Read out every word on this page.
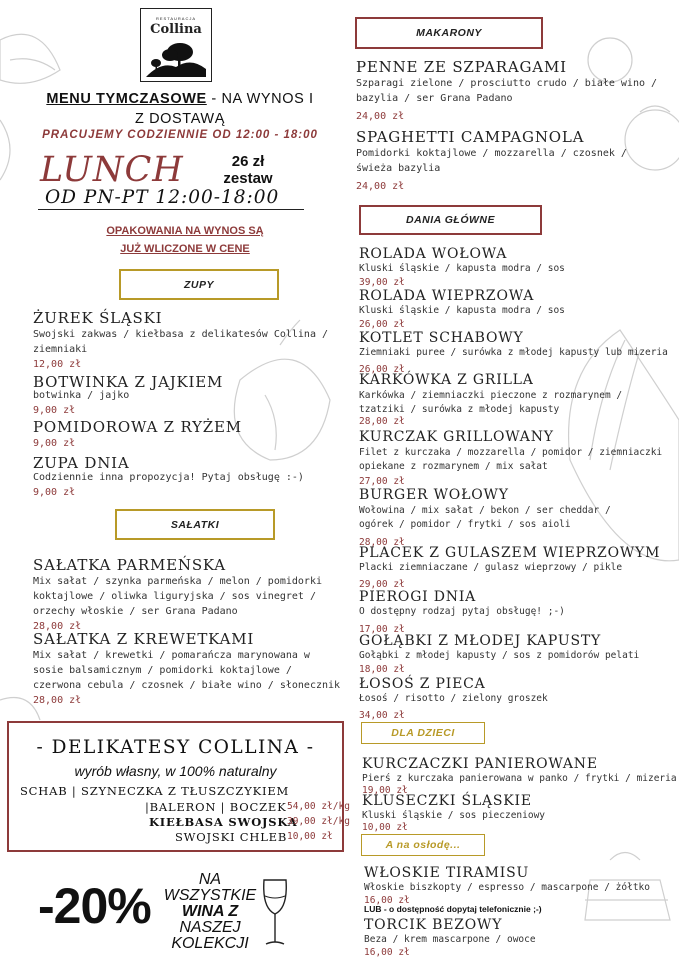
RESTAURACJA
Collina
MENU TYMCZASOWE - NA WYNOS I
Z DOSTAWĄ
PRACUJEMY CODZIENNIE OD 12:00 - 18:00
LUNCH	26 zł
zestaw
OD PN-PT 12:00-18:00
OPAKOWANIA NA WYNOS SĄ
JUŻ WLICZONE W CENE
ZUPY
ŻUREK ŚLĄSKI
Swojski zakwas / kiełbasa z delikatesów Collina /
ziemniaki
12,00 zł
BOTWINKA Z JAJKIEM
botwinka / jajko
9,00 zł
POMIDOROWA Z RYŻEM
9,00 zł
ZUPA DNIA
Codziennie inna propozycja! Pytaj obsługę :-)
9,00 zł
SAŁATKI
SAŁATKA PARMEŃSKA
Mix sałat / szynka parmeńska / melon / pomidorki
koktajlowe / oliwka liguryjska / sos vinegret /
orzechy włoskie / ser Grana Padano
28,00 zł
SAŁATKA Z KREWETKAMI
Mix sałat / krewetki / pomarańcza marynowana w
sosie balsamicznym / pomidorki koktajlowe /
czerwona cebula / czosnek / białe wino / słonecznik
28,00 zł
- DELIKATESY COLLINA -
wyrób własny, w 100% naturalny
SCHAB | SZYNECZKA Z TŁUSZCZYKIEM
|BALERON | BOCZEK 54,00 zł/kg
KIEŁBASA SWOJSKA
39,00 zł/kg
SWOJSKI CHLEB 10,00 zł
-20%	NA
WSZYSTKIE
WINA Z
NASZEJ
KOLEKCJI
MAKARONY
PENNE ZE SZPARAGAMI
Szparagi zielone / prosciutto crudo / białe wino /
bazylia / ser Grana Padano
24,00 zł
SPAGHETTI CAMPAGNOLA
Pomidorki koktajlowe / mozzarella / czosnek /
świeża bazylia
24,00 zł
DANIA GŁÓWNE
ROLADA WOŁOWA
Kluski śląskie / kapusta modra / sos
39,00 zł
ROLADA WIEPRZOWA
Kluski śląskie / kapusta modra / sos
26,00 zł
KOTLET SCHABOWY
Ziemniaki puree / surówka z młodej kapusty lub mizeria
26,00 zł
KARKÓWKA Z GRILLA
Karkówka / ziemniaczki pieczone z rozmarynem /
tzatziki / surówka z młodej kapusty
28,00 zł
KURCZAK GRILLOWANY
Filet z kurczaka / mozzarella / pomidor / ziemniaczki
opiekane z rozmarynem / mix sałat
27,00 zł
BURGER WOŁOWY
Wołowina / mix sałat / bekon / ser cheddar /
ogórek / pomidor / frytki / sos aioli
28,00 zł
PLACEK Z GULASZEM WIEPRZOWYM
Placki ziemniaczane / gulasz wieprzowy / pikle
29,00 zł
PIEROGI DNIA
O dostępny rodzaj pytaj obsługę! ;-)
17,00 zł
GOŁĄBKI Z MŁODEJ KAPUSTY
Gołąbki z młodej kapusty / sos z pomidorów pelati
18,00 zł
ŁOSOŚ Z PIECA
Łosoś / risotto / zielony groszek
34,00 zł
DLA DZIECI
KURCZACZKI PANIEROWANE
Pierś z kurczaka panierowana w panko / frytki / mizeria
19,00 zł
KLUSECZKI ŚLĄSKIE
Kluski śląskie / sos pieczeniowy
10,00 zł
A na osłodę...
WŁOSKIE TIRAMISU
Włoskie biszkopty / espresso / mascarpone / żółtko
16,00 zł
LUB - o dostępność dopytaj telefonicznie ;-)
TORCIK BEZOWY
Beza / krem mascarpone / owoce
16,00 zł
